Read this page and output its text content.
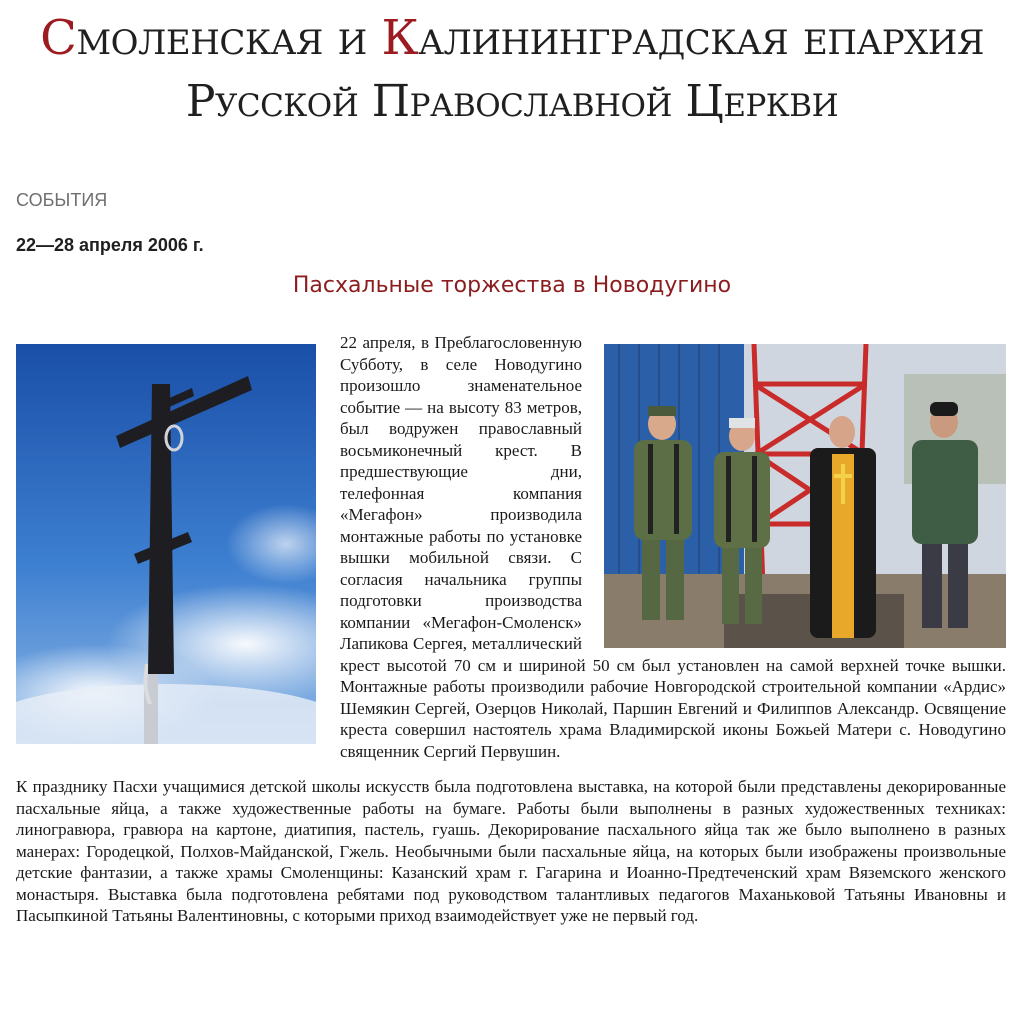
Смоленская и Калининградская епархия
Русской Православной Церкви
СОБЫТИЯ
22—28 апреля 2006 г.
Пасхальные торжества в Новодугино

22 апреля, в Преблагословенную Субботу, в селе Новодугино произошло знаменательное событие — на высоту 83 метров, был водружен православный восьмиконечный крест. В предшествующие дни, телефонная компания «Мегафон» производила монтажные работы по установке вышки мобильной связи. С согласия начальника группы подготовки производства компании «Мегафон-Смоленск» Лапикова Сергея, металлический крест высотой 70 см и шириной 50 см был установлен на самой верхней точке вышки. Монтажные работы производили рабочие Новгородской строительной компании «Ардис» Шемякин Сергей, Озерцов Николай, Паршин Евгений и Филиппов Александр. Освящение креста совершил настоятель храма Владимирской иконы Божьей Матери с. Новодугино священник Сергий Первушин.

К празднику Пасхи учащимися детской школы искусств была подготовлена выставка, на которой были представлены декорированные пасхальные яйца, а также художественные работы на бумаге. Работы были выполнены в разных художественных техниках: линогравюра, гравюра на картоне, диатипия, пастель, гуашь. Декорирование пасхального яйца так же было выполнено в разных манерах: Городецкой, Полхов-Майданской, Гжель. Необычными были пасхальные яйца, на которых были изображены произвольные детские фантазии, а также храмы Смоленщины: Казанский храм г. Гагарина и Иоанно-Предтеченский храм Вяземского женского монастыря. Выставка была подготовлена ребятами под руководством талантливых педагогов Маханьковой Татьяны Ивановны и Пасыпкиной Татьяны Валентиновны, с которыми приход взаимодействует уже не первый год.
